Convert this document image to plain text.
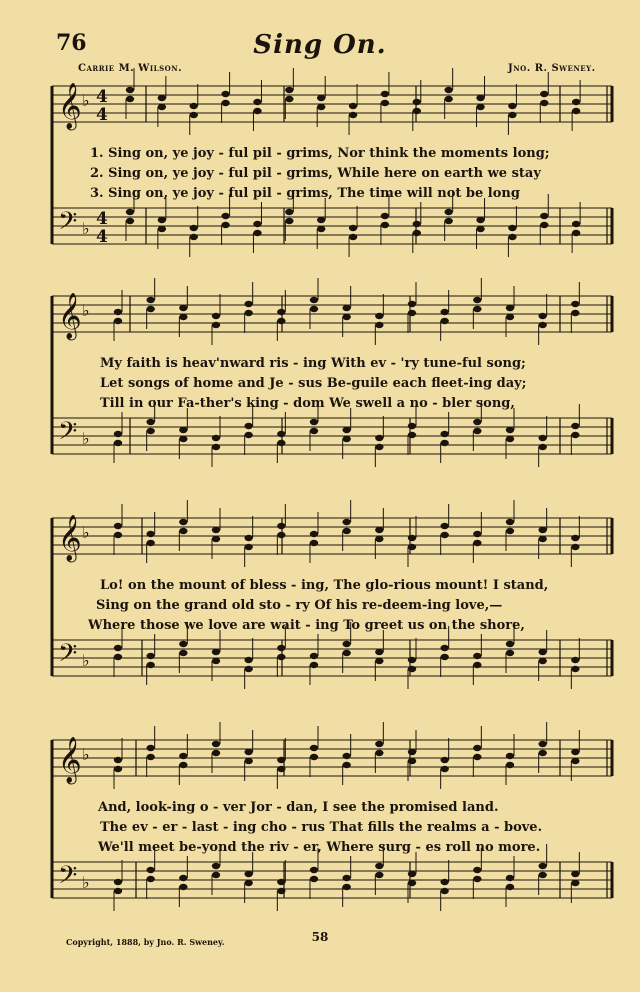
76	Sing On.
Carrie M. Wilson.	Jno. R. Sweney.
𝄞 ♭ 4
4
𝄢 ♭ 4
4
𝄞 ♭
𝄢 ♭
𝄞 ♭
𝄢 ♭
𝄞 ♭
𝄢 ♭
1. Sing on, ye joy - ful pil - grims, Nor think the moments long;
2. Sing on, ye joy - ful pil - grims, While here on earth we stay
3. Sing on, ye joy - ful pil - grims, The time will not be long
My faith is heav'nward ris - ing With ev - 'ry tune-ful song;
Let songs of home and Je - sus Be-guile each fleet-ing day;
Till in our Fa-ther's king - dom We swell a no - bler song,
Lo! on the mount of bless - ing, The glo-rious mount! I stand,
Sing on the grand old sto - ry Of his re-deem-ing love,—
Where those we love are wait - ing To greet us on the shore,
And, look-ing o - ver Jor - dan, I see the promised land.
The ev - er - last - ing cho - rus That fills the realms a - bove.
We'll meet be-yond the riv - er, Where surg - es roll no more.
Copyright, 1888, by Jno. R. Sweney.	58
